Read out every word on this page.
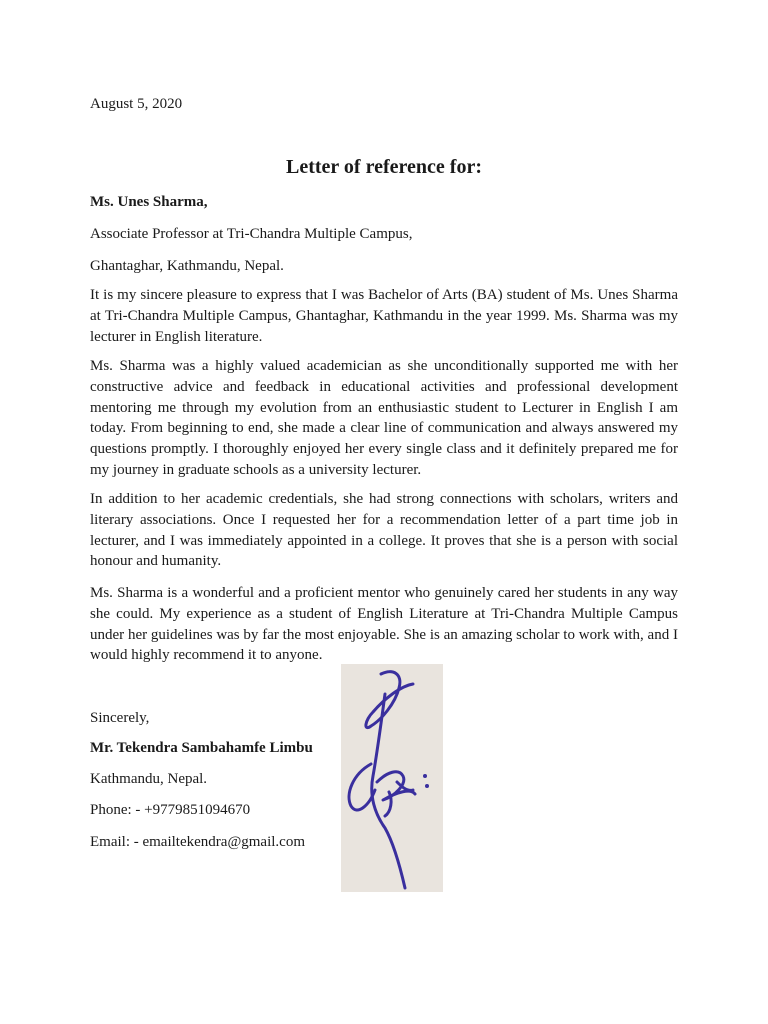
August 5, 2020
Letter of reference for:
Ms. Unes Sharma,
Associate Professor at Tri-Chandra Multiple Campus,
Ghantaghar, Kathmandu, Nepal.

It is my sincere pleasure to express that I was Bachelor of Arts (BA) student of Ms. Unes Sharma at Tri-Chandra Multiple Campus, Ghantaghar, Kathmandu in the year 1999. Ms. Sharma was my lecturer in English literature.

Ms. Sharma was a highly valued academician as she unconditionally supported me with her constructive advice and feedback in educational activities and professional development mentoring me through my evolution from an enthusiastic student to Lecturer in English I am today. From beginning to end, she made a clear line of communication and always answered my questions promptly. I thoroughly enjoyed her every single class and it definitely prepared me for my journey in graduate schools as a university lecturer.

In addition to her academic credentials, she had strong connections with scholars, writers and literary associations. Once I requested her for a recommendation letter of a part time job in lecturer, and I was immediately appointed in a college. It proves that she is a person with social honour and humanity.

Ms. Sharma is a wonderful and a proficient mentor who genuinely cared her students in any way she could. My experience as a student of English Literature at Tri-Chandra Multiple Campus under her guidelines was by far the most enjoyable. She is an amazing scholar to work with, and I would highly recommend it to anyone.

Sincerely,
Mr. Tekendra Sambahamfe Limbu
Kathmandu, Nepal.
Phone: - +9779851094670
Email: - emailtekendra@gmail.com
